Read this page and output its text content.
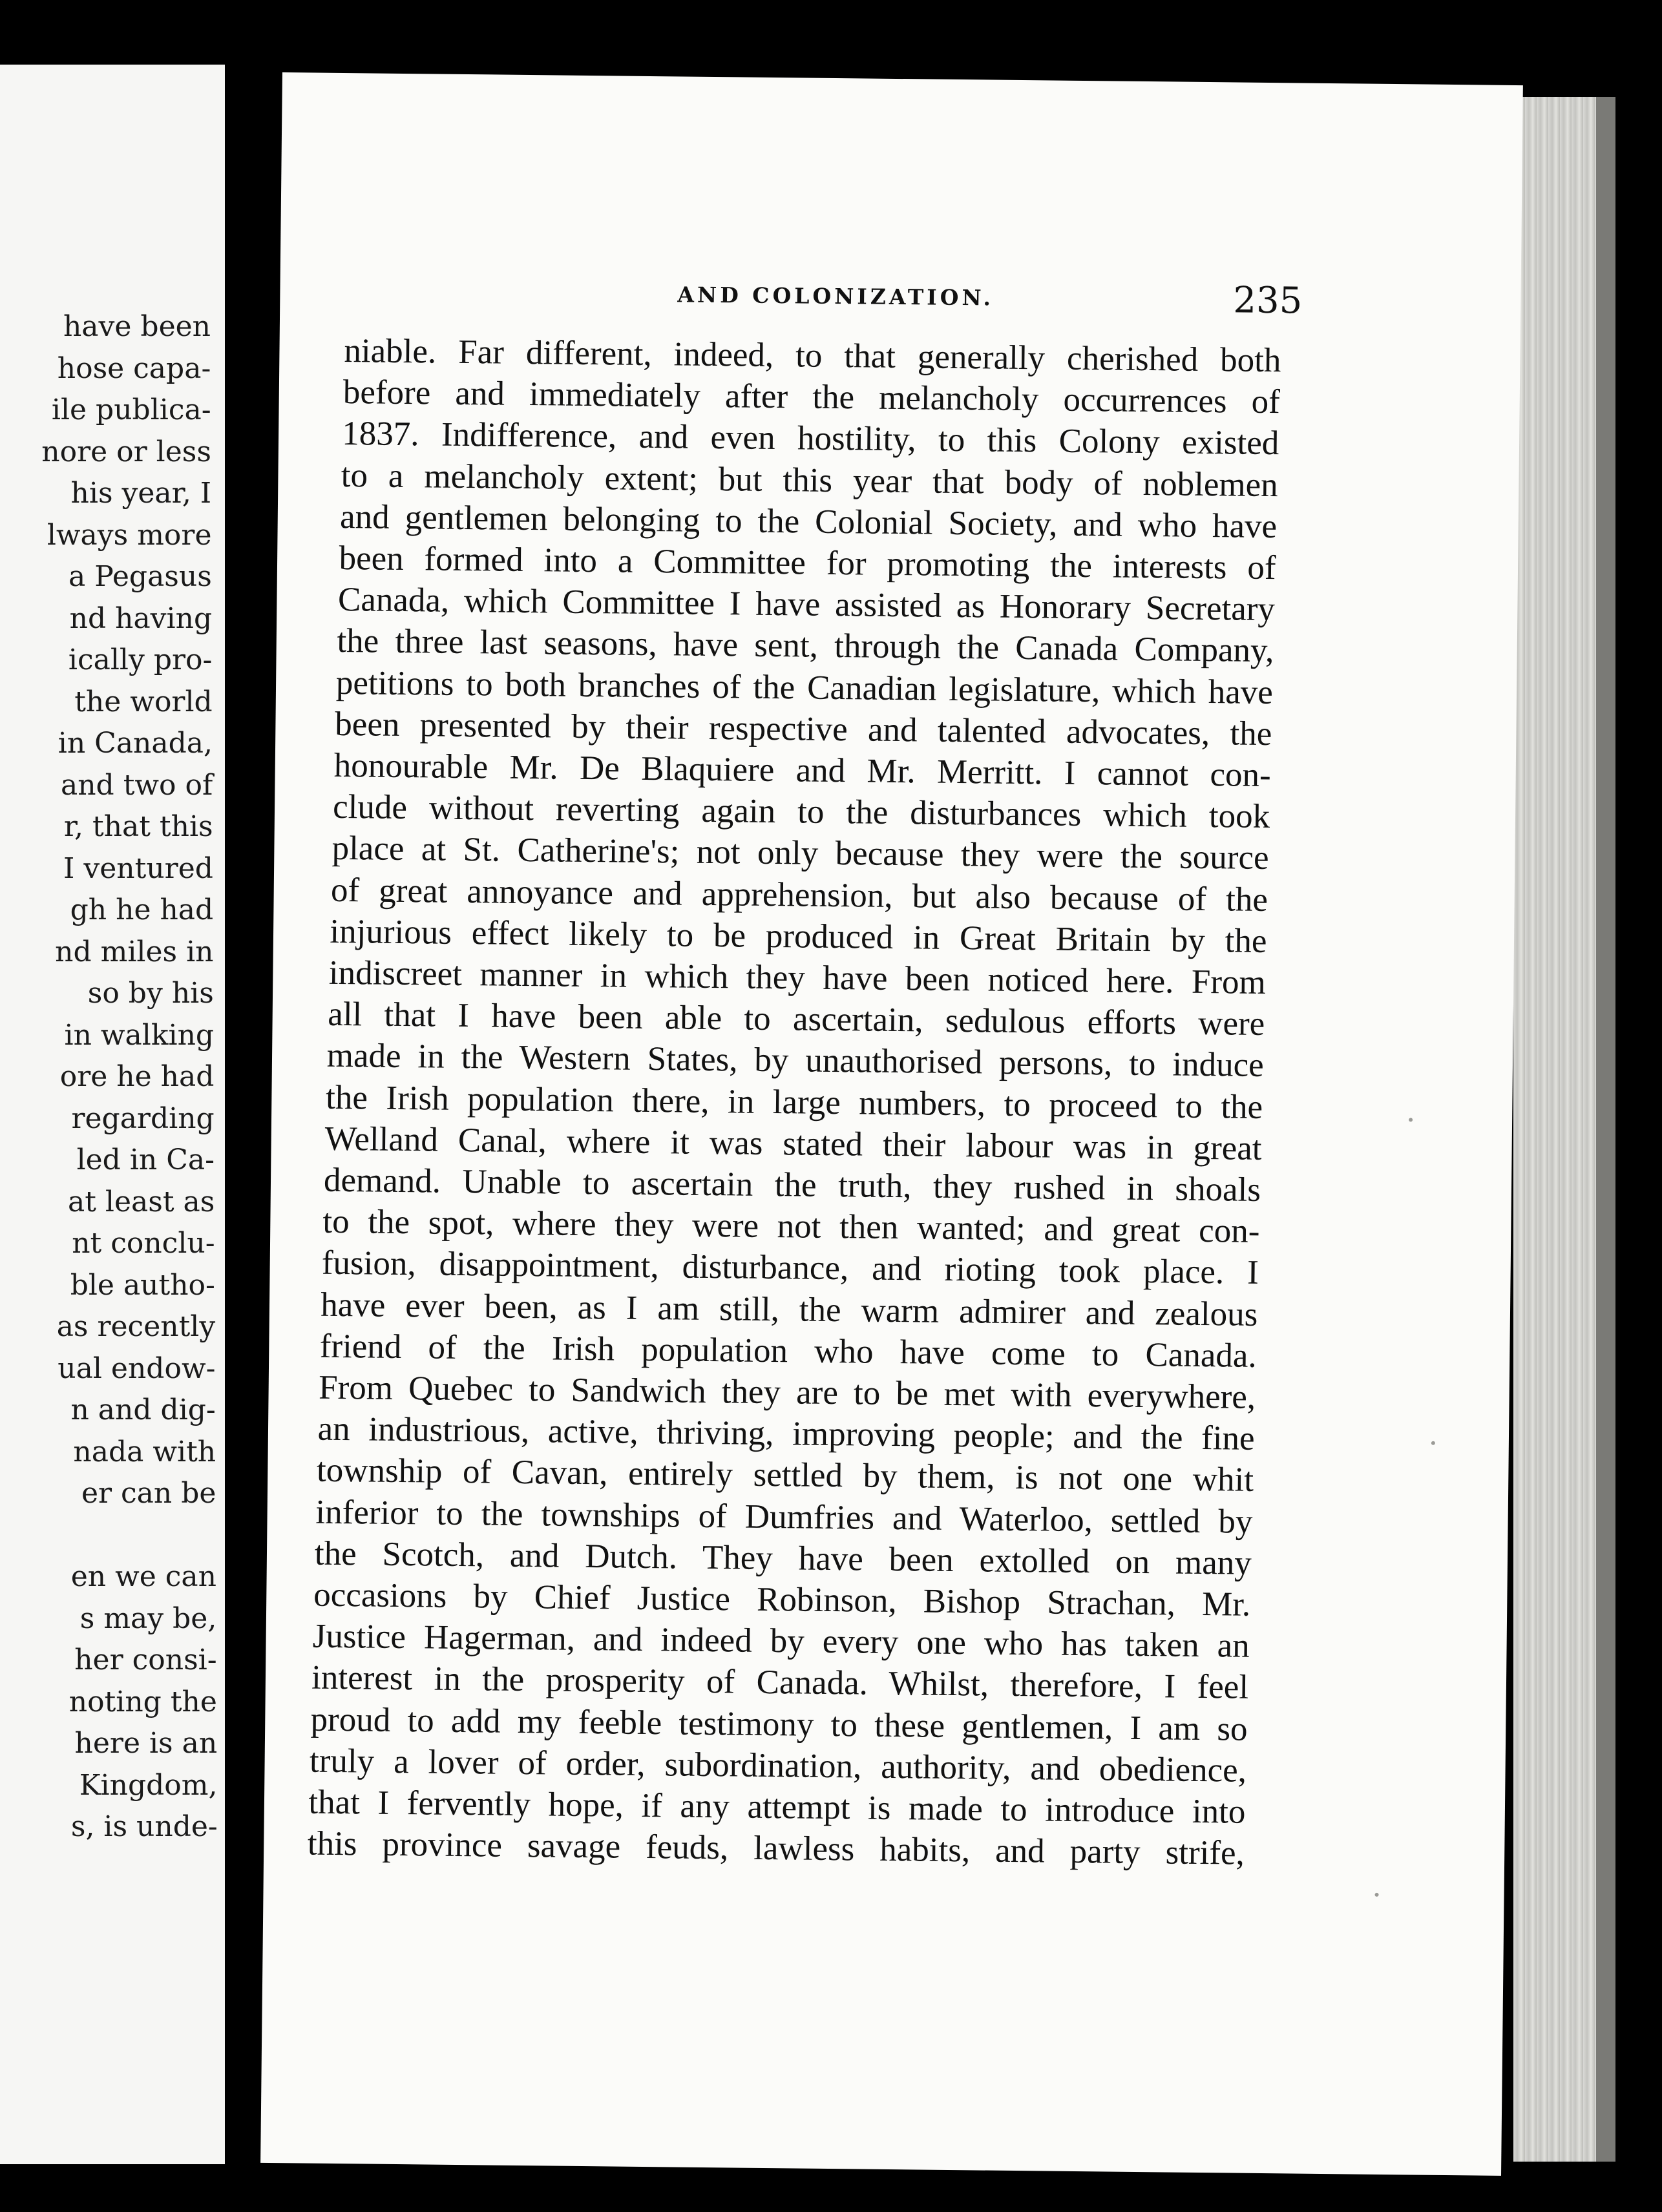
have been
hose capa-
ile publica-
nore or less
his year, I
lways more
a Pegasus
nd having
ically pro-
the world
in Canada,
and two of
r, that this
I ventured
gh he had
nd miles in
so by his
in walking
ore he had
regarding
led in Ca-
at least as
nt conclu-
ble autho-
as recently
ual endow-
n and dig-
nada with
er can be
en we can
s may be,
her consi-
noting the
here is an
Kingdom,
s, is unde-
AND COLONIZATION.	235
niable. Far different, indeed, to that generally cherished both
before and immediately after the melancholy occurrences of
1837. Indifference, and even hostility, to this Colony existed
to a melancholy extent; but this year that body of noblemen
and gentlemen belonging to the Colonial Society, and who have
been formed into a Committee for promoting the interests of
Canada, which Committee I have assisted as Honorary Secretary
the three last seasons, have sent, through the Canada Company,
petitions to both branches of the Canadian legislature, which have
been presented by their respective and talented advocates, the
honourable Mr. De Blaquiere and Mr. Merritt. I cannot con-
clude without reverting again to the disturbances which took
place at St. Catherine's; not only because they were the source
of great annoyance and apprehension, but also because of the
injurious effect likely to be produced in Great Britain by the
indiscreet manner in which they have been noticed here. From
all that I have been able to ascertain, sedulous efforts were
made in the Western States, by unauthorised persons, to induce
the Irish population there, in large numbers, to proceed to the
Welland Canal, where it was stated their labour was in great
demand. Unable to ascertain the truth, they rushed in shoals
to the spot, where they were not then wanted; and great con-
fusion, disappointment, disturbance, and rioting took place. I
have ever been, as I am still, the warm admirer and zealous
friend of the Irish population who have come to Canada.
From Quebec to Sandwich they are to be met with everywhere,
an industrious, active, thriving, improving people; and the fine
township of Cavan, entirely settled by them, is not one whit
inferior to the townships of Dumfries and Waterloo, settled by
the Scotch, and Dutch. They have been extolled on many
occasions by Chief Justice Robinson, Bishop Strachan, Mr.
Justice Hagerman, and indeed by every one who has taken an
interest in the prosperity of Canada. Whilst, therefore, I feel
proud to add my feeble testimony to these gentlemen, I am so
truly a lover of order, subordination, authority, and obedience,
that I fervently hope, if any attempt is made to introduce into
this province savage feuds, lawless habits, and party strife,
